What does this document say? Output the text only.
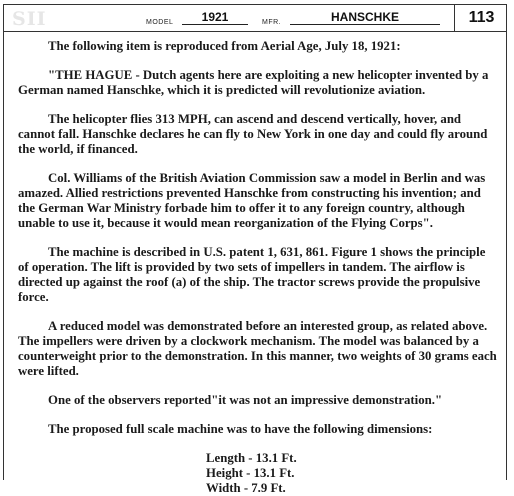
SII	MODEL	1921	MFR.	HANSCHKE	113

The following item is reproduced from Aerial Age, July 18, 1921:

"THE HAGUE - Dutch agents here are exploiting a new helicopter invented by a German named Hanschke, which it is predicted will revolutionize aviation.

The helicopter flies 313 MPH, can ascend and descend vertically, hover, and cannot fall. Hanschke declares he can fly to New York in one day and could fly around the world, if financed.

Col. Williams of the British Aviation Commission saw a model in Berlin and was amazed. Allied restrictions prevented Hanschke from constructing his invention; and the German War Ministry forbade him to offer it to any foreign country, although unable to use it, because it would mean reorganization of the Flying Corps".

The machine is described in U.S. patent 1, 631, 861. Figure 1 shows the principle of operation. The lift is provided by two sets of impellers in tandem. The airflow is directed up against the roof (a) of the ship. The tractor screws provide the propulsive force.

A reduced model was demonstrated before an interested group, as related above. The impellers were driven by a clockwork mechanism. The model was balanced by a counterweight prior to the demonstration. In this manner, two weights of 30 grams each were lifted.

One of the observers reported"it was not an impressive demonstration."

The proposed full scale machine was to have the following dimensions:

Length - 13.1 Ft.
Height - 13.1 Ft.
Width - 7.9 Ft.
